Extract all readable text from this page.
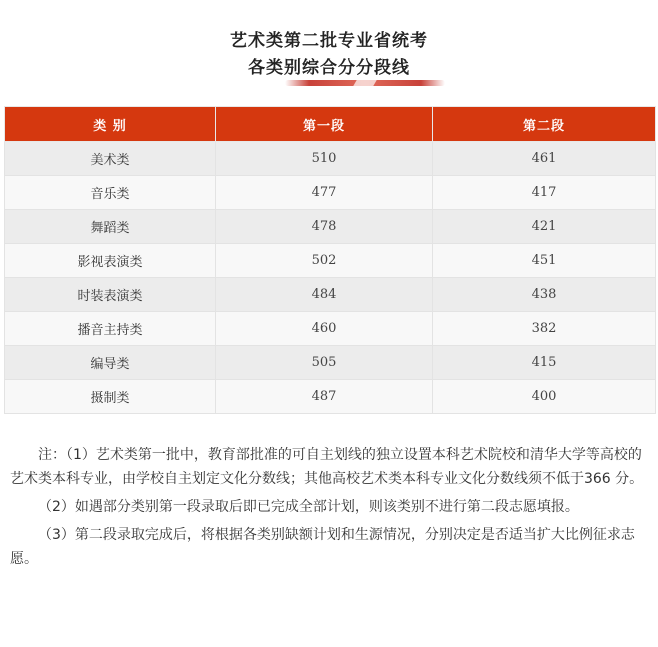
艺术类第二批专业省统考
各类别综合分分段线
类 别	第一段	第二段
美术类	510	461
音乐类	477	417
舞蹈类	478	421
影视表演类	502	451
时装表演类	484	438
播音主持类	460	382
编导类	505	415
摄制类	487	400

注：（1）艺术类第一批中，教育部批准的可自主划线的独立设置本科艺术院校和清华大学等高校的艺术类本科专业，由学校自主划定文化分数线；其他高校艺术类本科专业文化分数线须不低于366 分。

（2）如遇部分类别第一段录取后即已完成全部计划，则该类别不进行第二段志愿填报。

（3）第二段录取完成后，将根据各类别缺额计划和生源情况，分别决定是否适当扩大比例征求志愿。
